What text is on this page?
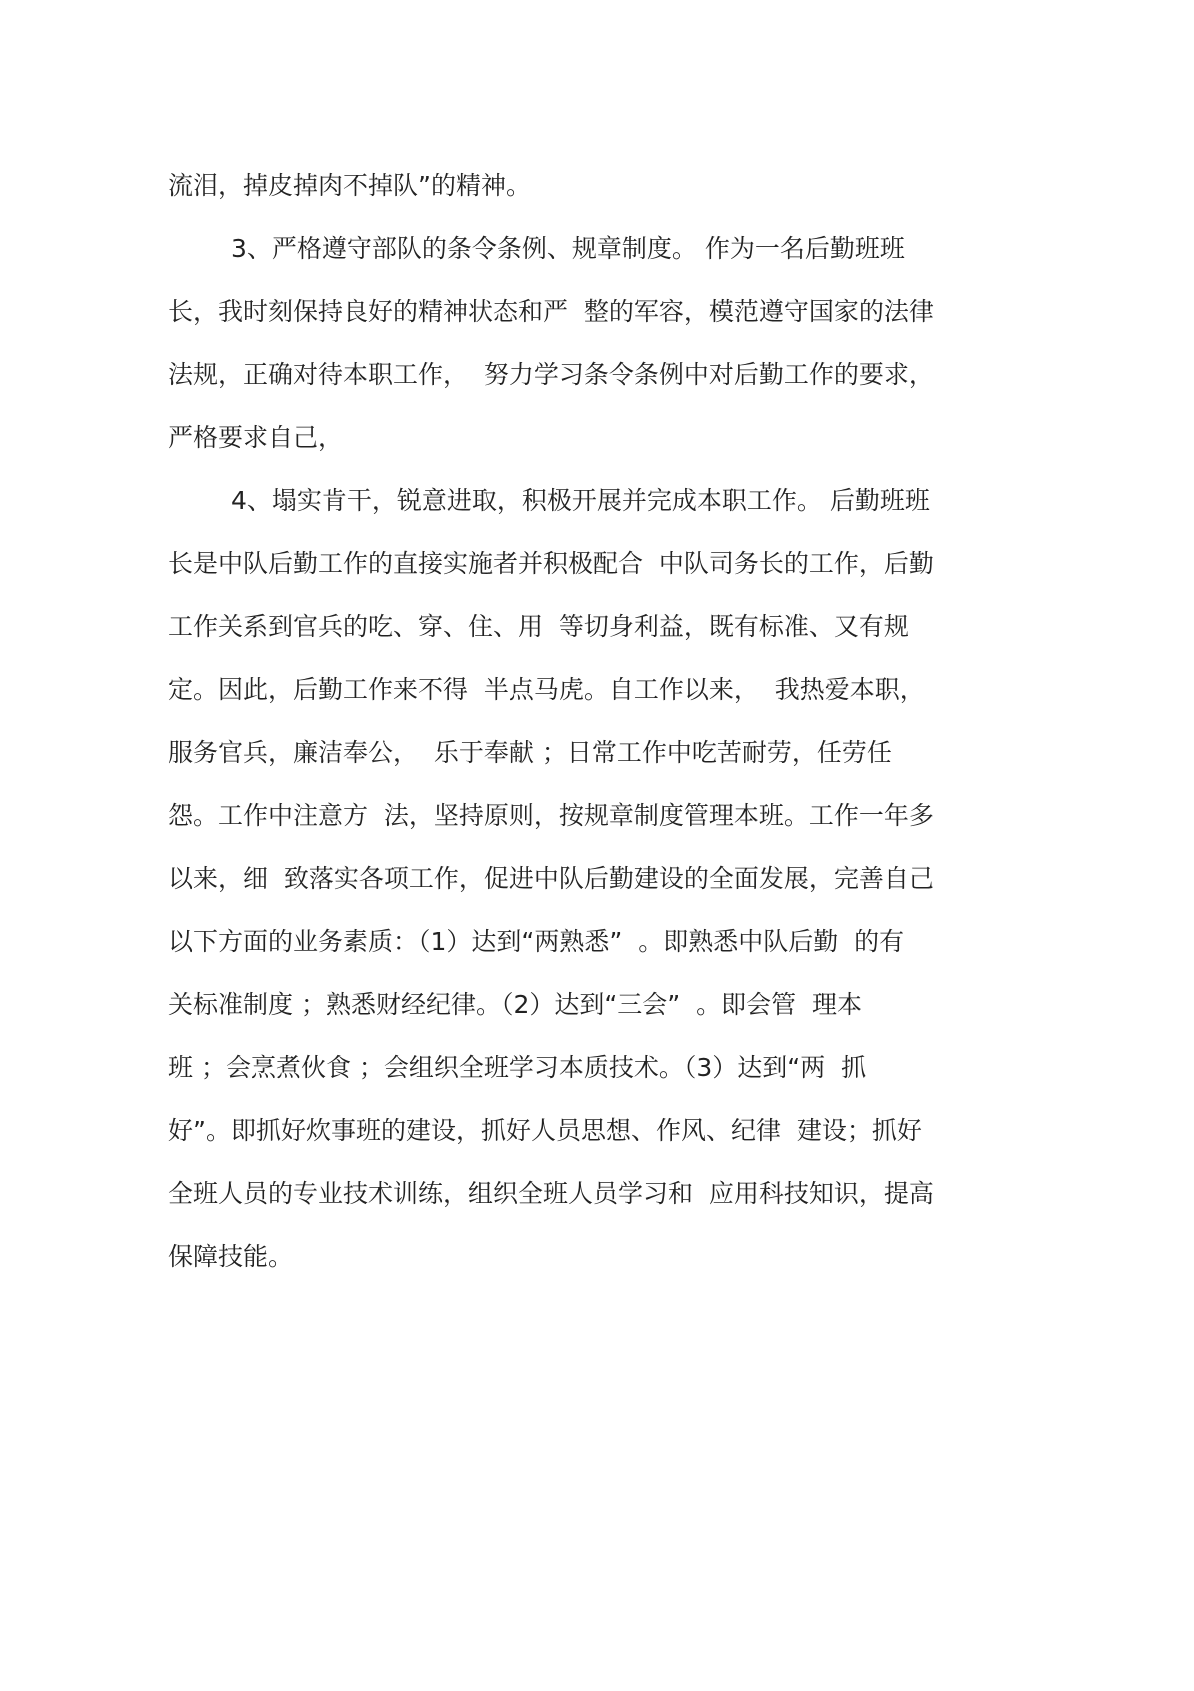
流泪，掉皮掉肉不掉队”的精神。
3、严格遵守部队的条令条例、规章制度。 作为一名后勤班班
长，我时刻保持良好的精神状态和严  整的军容，模范遵守国家的法律
法规，正确对待本职工作，  努力学习条令条例中对后勤工作的要求，
严格要求自己，
4、塌实肯干，锐意进取，积极开展并完成本职工作。 后勤班班
长是中队后勤工作的直接实施者并积极配合  中队司务长的工作，后勤
工作关系到官兵的吃、穿、住、用  等切身利益，既有标准、又有规
定。因此，后勤工作来不得  半点马虎。自工作以来，  我热爱本职，
服务官兵，廉洁奉公，  乐于奉献 ；日常工作中吃苦耐劳，任劳任
怨。工作中注意方  法，坚持原则，按规章制度管理本班。工作一年多
以来，细  致落实各项工作，促进中队后勤建设的全面发展，完善自己
以下方面的业务素质：（1）达到“两熟悉”  。即熟悉中队后勤  的有
关标准制度 ；熟悉财经纪律。（2）达到“三会”  。即会管  理本
班 ；会烹煮伙食 ；会组织全班学习本质技术。（3）达到“两  抓
好”。即抓好炊事班的建设，抓好人员思想、作风、纪律  建设；抓好
全班人员的专业技术训练，组织全班人员学习和  应用科技知识，提高
保障技能。
